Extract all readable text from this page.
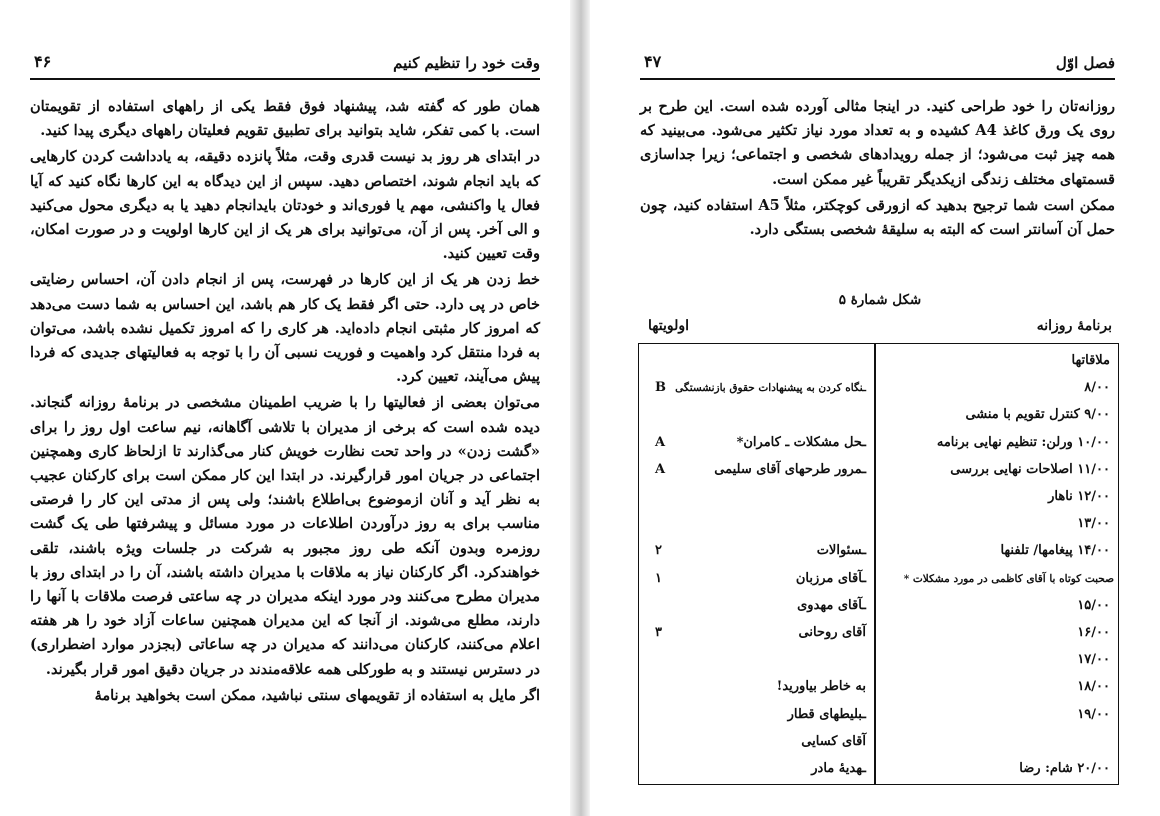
وقت خود را تنظیم کنیم
۴۶

همان طور که گفته شد، پیشنهاد فوق فقط یکی از راههای استفاده از تقویمتان است. با کمی تفکر، شاید بتوانید برای تطبیق تقویم فعلیتان راههای دیگری پیدا کنید.

در ابتدای هر روز بد نیست قدری وقت، مثلاً پانزده دقیقه، به یادداشت کردن کارهایی که باید انجام شوند، اختصاص دهید. سپس از این دیدگاه به این کارها نگاه کنید که آیا فعال یا واکنشی، مهم یا فوری‌اند و خودتان بایدانجام دهید یا به دیگری محول می‌کنید و الی آخر. پس از آن، می‌توانید برای هر یک از این کارها اولویت و در صورت امکان، وقت تعیین کنید.

خط زدن هر یک از این کارها در فهرست، پس از انجام دادن آن، احساس رضایتی خاص در پی دارد. حتی اگر فقط یک کار هم باشد، این احساس به شما دست می‌دهد که امروز کار مثبتی انجام داده‌اید. هر کاری را که امروز تکمیل نشده باشد، می‌توان به فردا منتقل کرد واهمیت و فوریت نسبی آن را با توجه به فعالیتهای جدیدی که فردا پیش می‌آیند، تعیین کرد.

می‌توان بعضی از فعالیتها را با ضریب اطمینان مشخصی در برنامهٔ روزانه گنجاند. دیده شده است که برخی از مدیران با تلاشی آگاهانه، نیم ساعت اول روز را برای «گشت زدن» در واحد تحت نظارت خویش کنار می‌گذارند تا ازلحاظ کاری وهمچنین اجتماعی در جریان امور قرارگیرند. در ابتدا این کار ممکن است برای کارکنان عجیب به نظر آید و آنان ازموضوع بی‌اطلاع باشند؛ ولی پس از مدتی این کار را فرصتی مناسب برای به روز درآوردن اطلاعات در مورد مسائل و پیشرفتها طی یک گشت روزمره وبدون آنکه طی روز مجبور به شرکت در جلسات ویژه باشند، تلقی خواهندکرد. اگر کارکنان نیاز به ملاقات با مدیران داشته باشند، آن را در ابتدای روز با مدیران مطرح می‌کنند ودر مورد اینکه مدیران در چه ساعتی فرصت ملاقات با آنها را دارند، مطلع می‌شوند. از آنجا که این مدیران همچنین ساعات آزاد خود را هر هفته اعلام می‌کنند، کارکنان می‌دانند که مدیران در چه ساعاتی (بجزدر موارد اضطراری) در دسترس نیستند و به طورکلی همه علاقه‌مندند در جریان دقیق امور قرار بگیرند.

اگر مایل به استفاده از تقویمهای سنتی نباشید، ممکن است بخواهید برنامهٔ

فصل اوّل
۴۷

روزانه‌تان را خود طراحی کنید. در اینجا مثالی آورده شده است. این طرح بر روی یک ورق کاغذ A4 کشیده و به تعداد مورد نیاز تکثیر می‌شود. می‌بینید که همه چیز ثبت می‌شود؛ از جمله رویدادهای شخصی و اجتماعی؛ زیرا جداسازی قسمتهای مختلف زندگی ازیکدیگر تقریباً غیر ممکن است.

ممکن است شما ترجیح بدهید که ازورقی کوچکتر، مثلاً A5 استفاده کنید، چون حمل آن آسانتر است که البته به سلیقهٔ شخصی بستگی دارد.

شکل شمارهٔ ۵
برنامهٔ روزانه
اولویتها
ملاقاتها
۸/۰۰
ـنگاه کردن به پیشنهادات حقوق بازنشستگی
B
۹/۰۰ کنترل تقویم با منشی
۱۰/۰۰ ورلن: تنظیم نهایی برنامه
ـحل مشکلات ـ کامران*
A
۱۱/۰۰ اصلاحات نهایی بررسی
ـمرور طرحهای آقای سلیمی
A
۱۲/۰۰ ناهار
۱۳/۰۰
۱۴/۰۰ پیغامها/ تلفنها
ـسئوالات
۲
صحبت کوتاه با آقای کاظمی در مورد مشکلات *
ـآقای مرزبان
۱
۱۵/۰۰
ـآقای مهدوی
۱۶/۰۰
آقای روحانی
۳
۱۷/۰۰
۱۸/۰۰
به خاطر بیاورید!
۱۹/۰۰
ـبلیطهای قطار
آقای کسایی
۲۰/۰۰ شام: رضا
ـهدیهٔ مادر
